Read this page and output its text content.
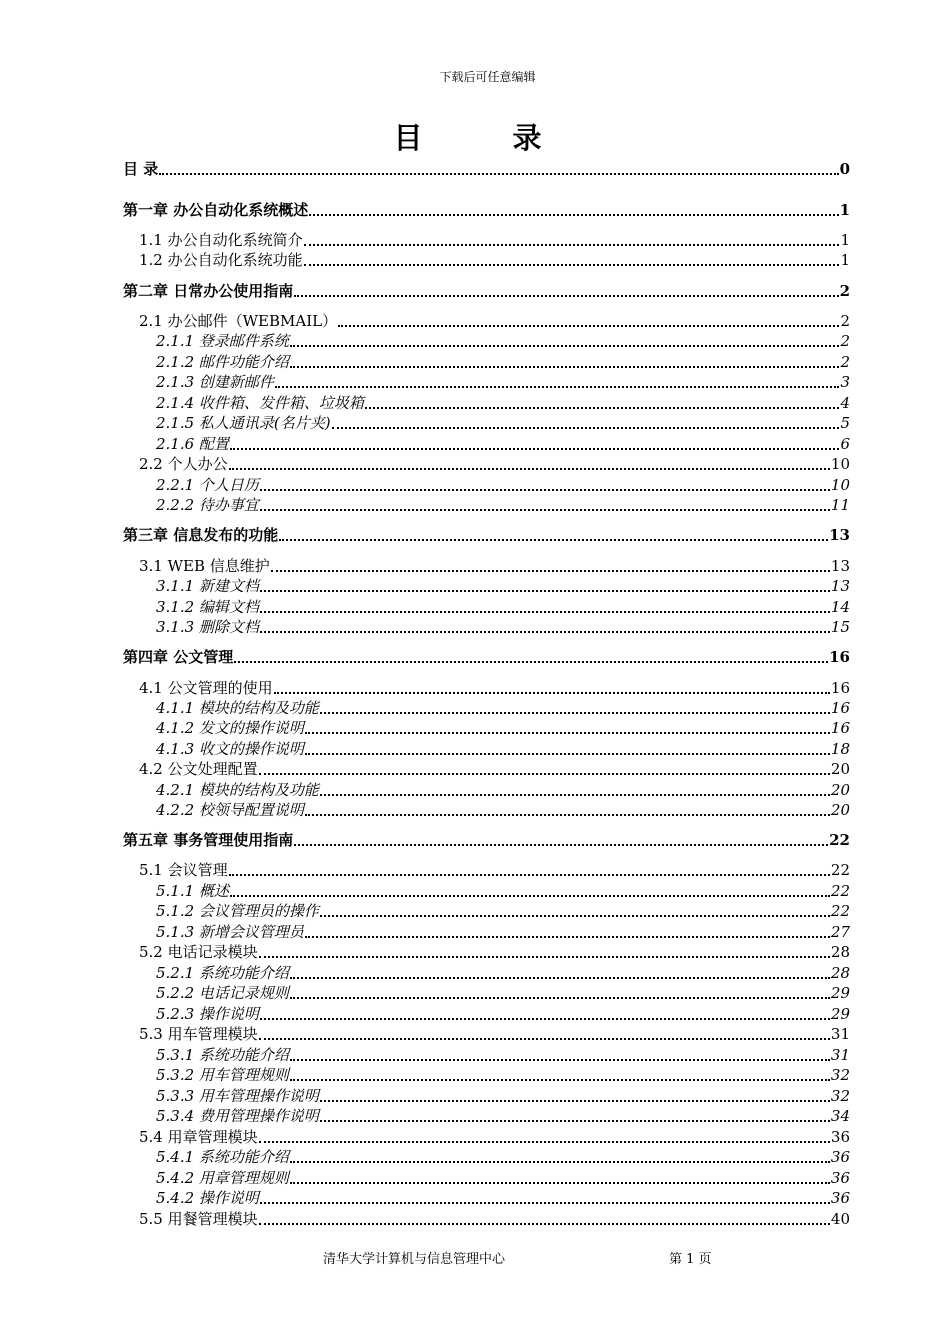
下载后可任意编辑
目 录
目 录	0
第一章 办公自动化系统概述	1
1.1 办公自动化系统简介	1
1.2 办公自动化系统功能	1
第二章 日常办公使用指南	2
2.1 办公邮件（WEBMAIL）	2
2.1.1 登录邮件系统	2
2.1.2 邮件功能介绍	2
2.1.3 创建新邮件	3
2.1.4 收件箱、发件箱、垃圾箱	4
2.1.5 私人通讯录(名片夹)	5
2.1.6 配置	6
2.2 个人办公	10
2.2.1 个人日历	10
2.2.2 待办事宜	11
第三章 信息发布的功能	13
3.1 WEB 信息维护	13
3.1.1 新建文档	13
3.1.2 编辑文档	14
3.1.3 删除文档	15
第四章 公文管理	16
4.1 公文管理的使用	16
4.1.1 模块的结构及功能	16
4.1.2 发文的操作说明	16
4.1.3 收文的操作说明	18
4.2 公文处理配置	20
4.2.1 模块的结构及功能	20
4.2.2 校领导配置说明	20
第五章 事务管理使用指南	22
5.1 会议管理	22
5.1.1 概述	22
5.1.2 会议管理员的操作	22
5.1.3 新增会议管理员	27
5.2 电话记录模块	28
5.2.1 系统功能介绍	28
5.2.2 电话记录规则	29
5.2.3 操作说明	29
5.3 用车管理模块	31
5.3.1 系统功能介绍	31
5.3.2 用车管理规则	32
5.3.3 用车管理操作说明	32
5.3.4 费用管理操作说明	34
5.4 用章管理模块	36
5.4.1 系统功能介绍	36
5.4.2 用章管理规则	36
5.4.2 操作说明	36
5.5 用餐管理模块	40
清华大学计算机与信息管理中心	第 1 页
